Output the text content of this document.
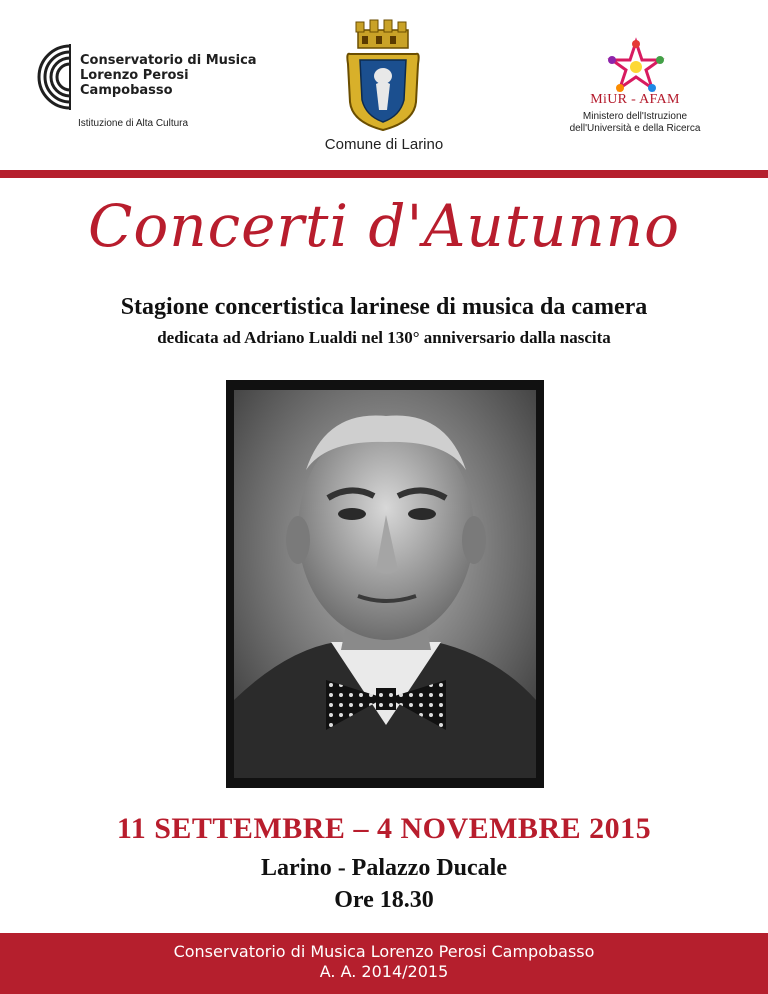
Conservatorio di Musica
Lorenzo Perosi
Campobasso
Istituzione di Alta Cultura
Comune di Larino
MiUR - AFAM
Ministero dell'Istruzione
dell'Università e della Ricerca
Concerti d'Autunno
Stagione concertistica larinese di musica da camera
dedicata ad Adriano Lualdi nel 130° anniversario dalla nascita
11 SETTEMBRE – 4 NOVEMBRE 2015
Larino - Palazzo Ducale
Ore 18.30
Conservatorio di Musica Lorenzo Perosi Campobasso
A. A. 2014/2015
